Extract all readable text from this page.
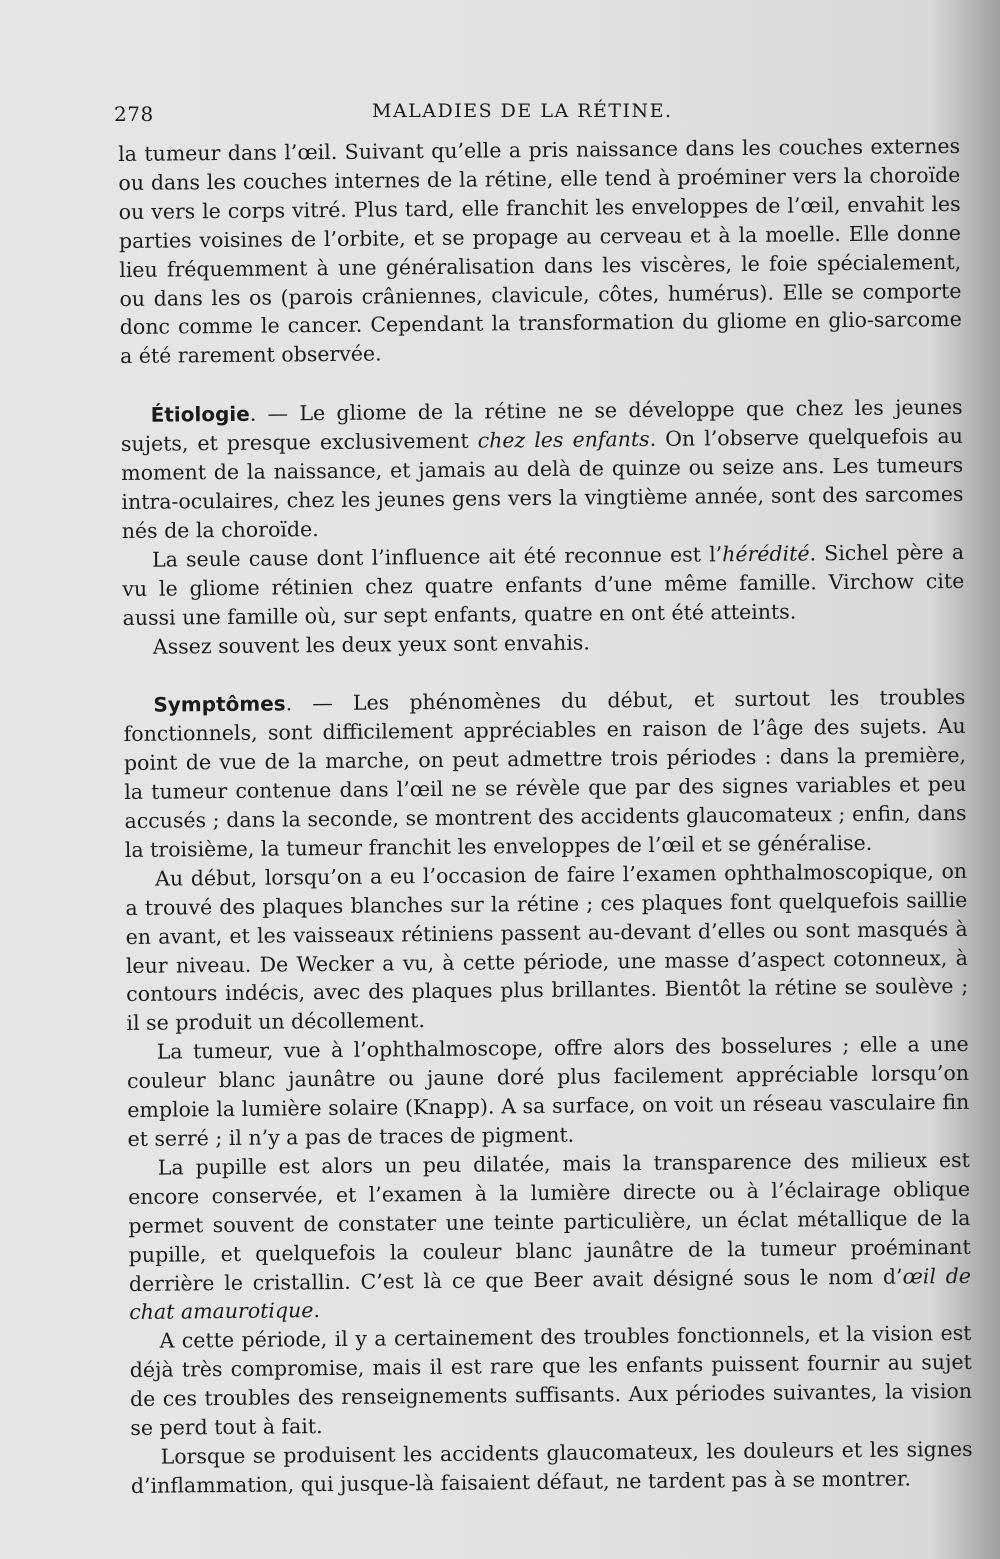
278	MALADIES DE LA RÉTINE.

la tumeur dans l’œil. Suivant qu’elle a pris naissance dans les couches externes ou dans les couches internes de la rétine, elle tend à proéminer vers la choroïde ou vers le corps vitré. Plus tard, elle franchit les enveloppes de l’œil, envahit les parties voisines de l’orbite, et se propage au cerveau et à la moelle. Elle donne lieu fréquemment à une généralisation dans les viscères, le foie spécialement, ou dans les os (parois crâniennes, clavicule, côtes, humérus). Elle se comporte donc comme le cancer. Cependant la transformation du gliome en glio-sarcome a été rarement observée.

Étiologie. — Le gliome de la rétine ne se développe que chez les jeunes sujets, et presque exclusivement chez les enfants. On l’observe quelquefois au moment de la naissance, et jamais au delà de quinze ou seize ans. Les tumeurs intra-oculaires, chez les jeunes gens vers la vingtième année, sont des sarcomes nés de la choroïde.

La seule cause dont l’influence ait été reconnue est l’hérédité. Sichel père a vu le gliome rétinien chez quatre enfants d’une même famille. Virchow cite aussi une famille où, sur sept enfants, quatre en ont été atteints.

Assez souvent les deux yeux sont envahis.

Symptômes. — Les phénomènes du début, et surtout les troubles fonctionnels, sont difficilement appréciables en raison de l’âge des sujets. Au point de vue de la marche, on peut admettre trois périodes : dans la première, la tumeur contenue dans l’œil ne se révèle que par des signes variables et peu accusés ; dans la seconde, se montrent des accidents glaucomateux ; enfin, dans la troisième, la tumeur franchit les enveloppes de l’œil et se généralise.

Au début, lorsqu’on a eu l’occasion de faire l’examen ophthalmoscopique, on a trouvé des plaques blanches sur la rétine ; ces plaques font quelquefois saillie en avant, et les vaisseaux rétiniens passent au-devant d’elles ou sont masqués à leur niveau. De Wecker a vu, à cette période, une masse d’aspect cotonneux, à contours indécis, avec des plaques plus brillantes. Bientôt la rétine se soulève ; il se produit un décollement.

La tumeur, vue à l’ophthalmoscope, offre alors des bosselures ; elle a une couleur blanc jaunâtre ou jaune doré plus facilement appréciable lorsqu’on emploie la lumière solaire (Knapp). A sa surface, on voit un réseau vasculaire fin et serré ; il n’y a pas de traces de pigment.

La pupille est alors un peu dilatée, mais la transparence des milieux est encore conservée, et l’examen à la lumière directe ou à l’éclairage oblique permet souvent de constater une teinte particulière, un éclat métallique de la pupille, et quelquefois la couleur blanc jaunâtre de la tumeur proéminant derrière le cristallin. C’est là ce que Beer avait désigné sous le nom d’œil de chat amaurotique.

A cette période, il y a certainement des troubles fonctionnels, et la vision est déjà très compromise, mais il est rare que les enfants puissent fournir au sujet de ces troubles des renseignements suffisants. Aux périodes suivantes, la vision se perd tout à fait.

Lorsque se produisent les accidents glaucomateux, les douleurs et les signes d’inflammation, qui jusque-là faisaient défaut, ne tardent pas à se montrer.
